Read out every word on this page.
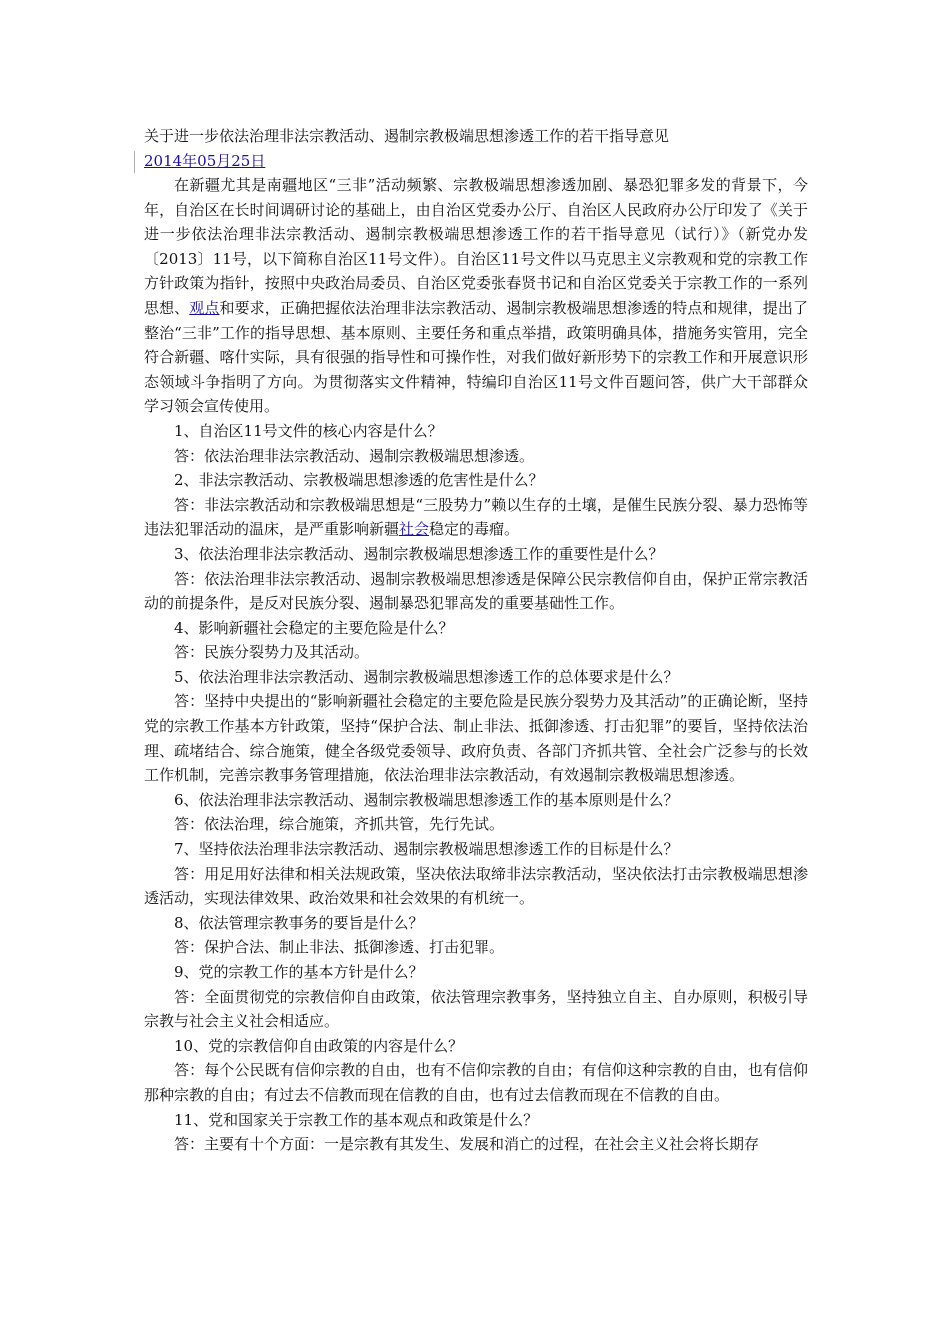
关于进一步依法治理非法宗教活动、遏制宗教极端思想渗透工作的若干指导意见

2014年05月25日

在新疆尤其是南疆地区“三非”活动频繁、宗教极端思想渗透加剧、暴恐犯罪多发的背景下，今年，自治区在长时间调研讨论的基础上，由自治区党委办公厅、自治区人民政府办公厅印发了《关于进一步依法治理非法宗教活动、遏制宗教极端思想渗透工作的若干指导意见（试行）》（新党办发〔2013〕11号，以下简称自治区11号文件）。自治区11号文件以马克思主义宗教观和党的宗教工作方针政策为指针，按照中央政治局委员、自治区党委张春贤书记和自治区党委关于宗教工作的一系列思想、观点和要求，正确把握依法治理非法宗教活动、遏制宗教极端思想渗透的特点和规律，提出了整治“三非”工作的指导思想、基本原则、主要任务和重点举措，政策明确具体，措施务实管用，完全符合新疆、喀什实际，具有很强的指导性和可操作性，对我们做好新形势下的宗教工作和开展意识形态领域斗争指明了方向。为贯彻落实文件精神，特编印自治区11号文件百题问答，供广大干部群众学习领会宣传使用。

1、自治区11号文件的核心内容是什么？

答：依法治理非法宗教活动、遏制宗教极端思想渗透。

2、非法宗教活动、宗教极端思想渗透的危害性是什么？

答：非法宗教活动和宗教极端思想是“三股势力”赖以生存的土壤，是催生民族分裂、暴力恐怖等违法犯罪活动的温床，是严重影响新疆社会稳定的毒瘤。

3、依法治理非法宗教活动、遏制宗教极端思想渗透工作的重要性是什么？

答：依法治理非法宗教活动、遏制宗教极端思想渗透是保障公民宗教信仰自由，保护正常宗教活动的前提条件，是反对民族分裂、遏制暴恐犯罪高发的重要基础性工作。

4、影响新疆社会稳定的主要危险是什么？

答：民族分裂势力及其活动。

5、依法治理非法宗教活动、遏制宗教极端思想渗透工作的总体要求是什么？

答：坚持中央提出的“影响新疆社会稳定的主要危险是民族分裂势力及其活动”的正确论断，坚持党的宗教工作基本方针政策，坚持“保护合法、制止非法、抵御渗透、打击犯罪”的要旨，坚持依法治理、疏堵结合、综合施策，健全各级党委领导、政府负责、各部门齐抓共管、全社会广泛参与的长效工作机制，完善宗教事务管理措施，依法治理非法宗教活动，有效遏制宗教极端思想渗透。

6、依法治理非法宗教活动、遏制宗教极端思想渗透工作的基本原则是什么？

答：依法治理，综合施策，齐抓共管，先行先试。

7、坚持依法治理非法宗教活动、遏制宗教极端思想渗透工作的目标是什么？

答：用足用好法律和相关法规政策，坚决依法取缔非法宗教活动，坚决依法打击宗教极端思想渗透活动，实现法律效果、政治效果和社会效果的有机统一。

8、依法管理宗教事务的要旨是什么？

答：保护合法、制止非法、抵御渗透、打击犯罪。

9、党的宗教工作的基本方针是什么？

答：全面贯彻党的宗教信仰自由政策，依法管理宗教事务，坚持独立自主、自办原则，积极引导宗教与社会主义社会相适应。

10、党的宗教信仰自由政策的内容是什么？

答：每个公民既有信仰宗教的自由，也有不信仰宗教的自由；有信仰这种宗教的自由，也有信仰那种宗教的自由；有过去不信教而现在信教的自由，也有过去信教而现在不信教的自由。

11、党和国家关于宗教工作的基本观点和政策是什么？

答：主要有十个方面：一是宗教有其发生、发展和消亡的过程，在社会主义社会将长期存
